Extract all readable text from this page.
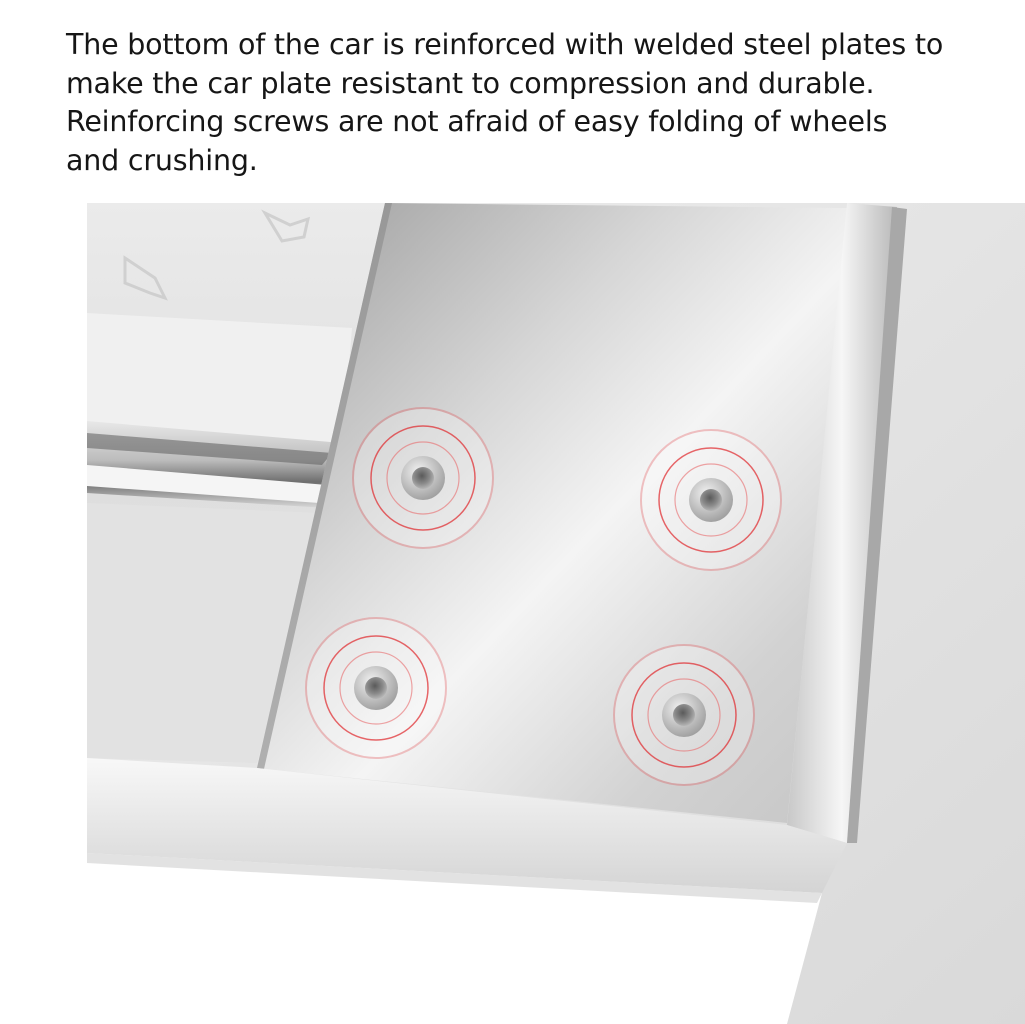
The bottom of the car is reinforced with welded steel plates to
make the car plate resistant to compression and durable.
Reinforcing screws are not afraid of easy folding of wheels
and crushing.
